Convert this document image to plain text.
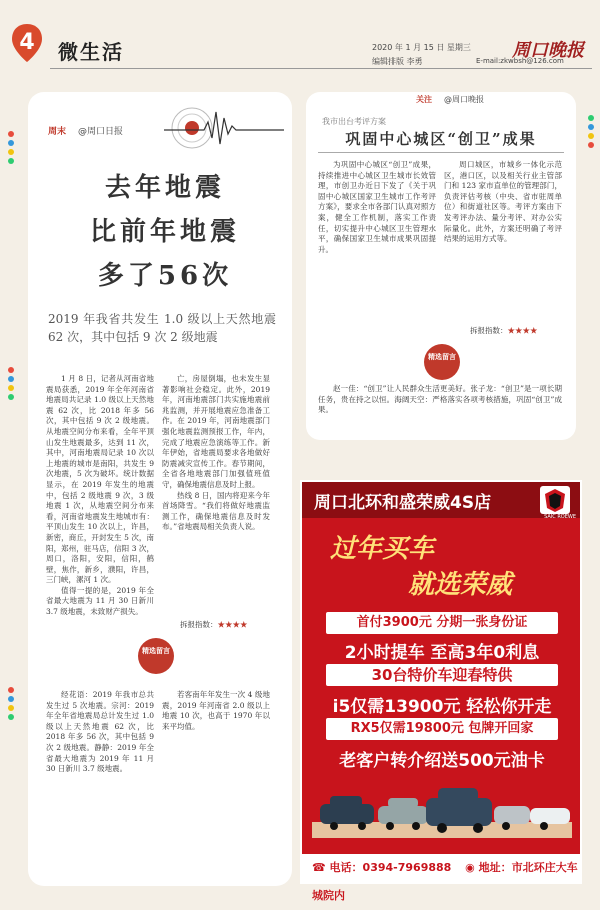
4	微生活	2020 年 1 月 15 日 星期三
编辑排版 李勇
周口晚报
E-mail:zkwbsh@126.com
周末 @周口日报
去年地震
比前年地震
多了56次
2019 年我省共发生 1.0 级以上天然地震 62 次，其中包括 9 次 2 级地震

1 月 8 日，记者从河南省地震局获悉，2019 年全年河南省地震局共记录 1.0 级以上天然地震 62 次，比 2018 年多 56 次，其中包括 9 次 2 级地震。从地震空间分布来看，全年平顶山发生地震最多，达到 11 次，其中，河南地震局记录 10 次以上地震的城市是南阳，共发生 9 次地震，5 次为破坏。统计数据显示，在 2019 年发生的地震中，包括 2 级地震 9 次，3 级地震 1 次，从地震空间分布来看，河南省地震发生地城市有：平顶山发生 10 次以上，许昌，新密，商丘，开封发生 5 次，南阳，郑州，驻马店，信阳 3 次，周口，洛阳，安阳，信阳，鹤壁，焦作，新乡，濮阳，许昌，三门峡，漯河 1 次。

值得一提的是，2019 年全省最大地震为 11 月 30 日新川 3.7 级地震，未致财产损失。

亡，房屋倒塌，也未发生显著影响社会稳定。此外，2019 年，河南地震部门共实施地震前兆监测，并开展地震应急准备工作。在 2019 年，河南地震部门强化地震监测预报工作，年内，完成了地震应急演练等工作。新年伊始，省地震局要求各地做好防震减灾宣传工作。春节期间，全省各地地震部门加强值班值守，确保地震信息及时上报。

热线 8 日，国内将迎来今年首场降雪。“我们将做好地震监测工作，确保地震信息及时发布。”省地震局相关负责人说。

拆报指数：★★★★
精选留言

经花语：2019 年我市总共发生过 5 次地震。宗河：2019 年全年省地震局总计发生过 1.0 级以上天然地震 62 次，比 2018 年多 56 次，其中包括 9 次 2 级地震。静静：2019 年全省最大地震为 2019 年 11 月 30 日新川 3.7 级地震。

若客南年年发生一次 4 级地震，2019 年河南省 2.0 级以上地震 10 次，也高于 1970 年以来平均值。

关注 @周口晚报
我市出台考评方案
巩固中心城区“创卫”成果

为巩固中心城区“创卫”成果，持续推进中心城区卫生城市长效管理，市创卫办近日下发了《关于巩固中心城区国家卫生城市工作考评方案》，要求全市各部门认真对照方案，健全工作机制，落实工作责任，切实提升中心城区卫生管理水平，确保国家卫生城市成果巩固提升。

周口城区，市城乡一体化示范区，港口区，以及相关行业主管部门和 123 家市直单位的管理部门，负责评估考核（中央、省市驻周单位）和街道社区等。考评方案由下发考评办法、量分考评、对办公实际量化。此外，方案还明确了考评结果的运用方式等。

拆报指数：★★★★
精选留言

赵一佳：“创卫”让人民群众生活更美好。张子龙：“创卫”是一项长期任务，贵在持之以恒。海阔天空：严格落实各项考核措施，巩固“创卫”成果。

周口北环和盛荣威4S店
SAIC ROEWE
过年买车
就选荣威
首付3900元 分期一张身份证
2小时提车 至高3年0利息
30台特价车迎春特供
i5仅需13900元 轻松你开走
RX5仅需19800元 包牌开回家
老客户转介绍送500元油卡
☎ 电话：0394-7969888 ◉ 地址：市北环庄大车城院内
